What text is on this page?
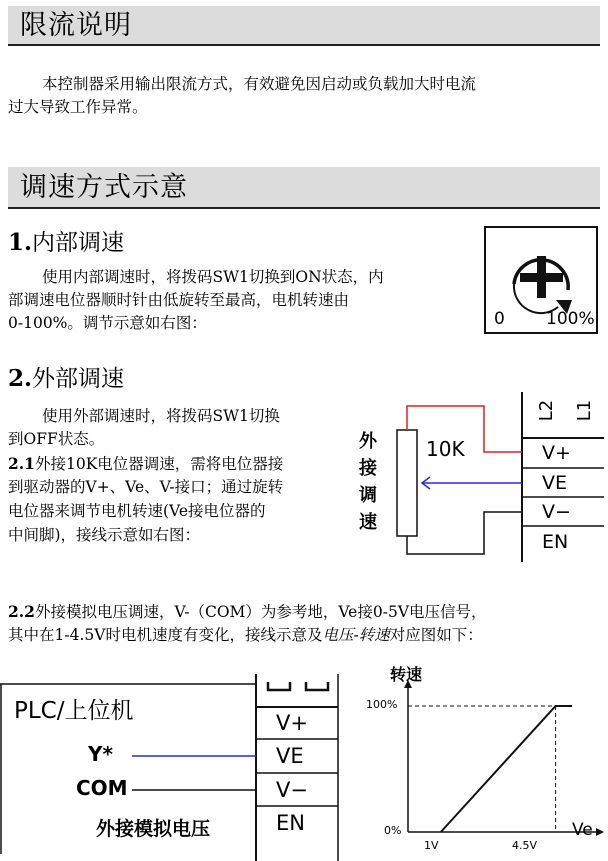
限流说明
本控制器采用输出限流方式，有效避免因启动或负载加大时电流
过大导致工作异常。
调速方式示意
1.内部调速
使用内部调速时，将拨码SW1切换到ON状态，内
部调速电位器顺时针由低旋转至最高，电机转速由
0-100%。调节示意如右图：	0 100%
2.外部调速
使用外部调速时，将拨码SW1切换
到OFF状态。
2.1外接10K电位器调速，需将电位器接
到驱动器的V+、Ve、V-接口；通过旋转
电位器来调节电机转速(Ve接电位器的
中间脚)，接线示意如右图：
外
接
调
速
10K
L2 L1
V+
VE
V−
EN
2.2外接模拟电压调速，V-（COM）为参考地，Ve接0-5V电压信号，
其中在1-4.5V时电机速度有变化，接线示意及电压-转速对应图如下：
PLC/上位机
Y*
COM
外接模拟电压
V+
VE
V−
EN
转速
Ve
100%
0%
1V	4.5V
